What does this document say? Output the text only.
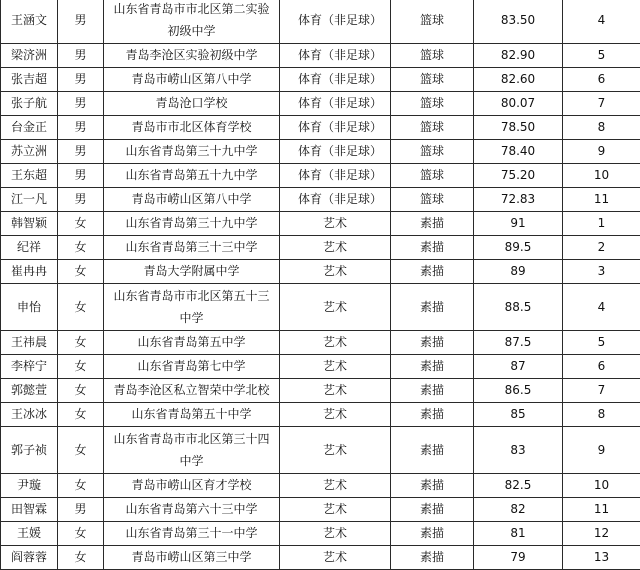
王涵文	男	山东省青岛市市北区第二实验初级中学	体育（非足球）	篮球	83.50	4
梁济洲	男	青岛李沧区实验初级中学	体育（非足球）	篮球	82.90	5
张吉超	男	青岛市崂山区第八中学	体育（非足球）	篮球	82.60	6
张子航	男	青岛沧口学校	体育（非足球）	篮球	80.07	7
台金正	男	青岛市市北区体育学校	体育（非足球）	篮球	78.50	8
苏立洲	男	山东省青岛第三十九中学	体育（非足球）	篮球	78.40	9
王东超	男	山东省青岛第五十九中学	体育（非足球）	篮球	75.20	10
江一凡	男	青岛市崂山区第八中学	体育（非足球）	篮球	72.83	11
韩智颖	女	山东省青岛第三十九中学	艺术	素描	91	1
纪祥	女	山东省青岛第三十三中学	艺术	素描	89.5	2
崔冉冉	女	青岛大学附属中学	艺术	素描	89	3
申怡	女	山东省青岛市市北区第五十三中学	艺术	素描	88.5	4
王祎晨	女	山东省青岛第五中学	艺术	素描	87.5	5
李梓宁	女	山东省青岛第七中学	艺术	素描	87	6
郭懿萱	女	青岛李沧区私立智荣中学北校	艺术	素描	86.5	7
王冰冰	女	山东省青岛第五十中学	艺术	素描	85	8
郭子祯	女	山东省青岛市市北区第三十四中学	艺术	素描	83	9
尹璇	女	青岛市崂山区育才学校	艺术	素描	82.5	10
田智霖	男	山东省青岛第六十三中学	艺术	素描	82	11
王媛	女	山东省青岛第三十一中学	艺术	素描	81	12
阎蓉蓉	女	青岛市崂山区第三中学	艺术	素描	79	13
